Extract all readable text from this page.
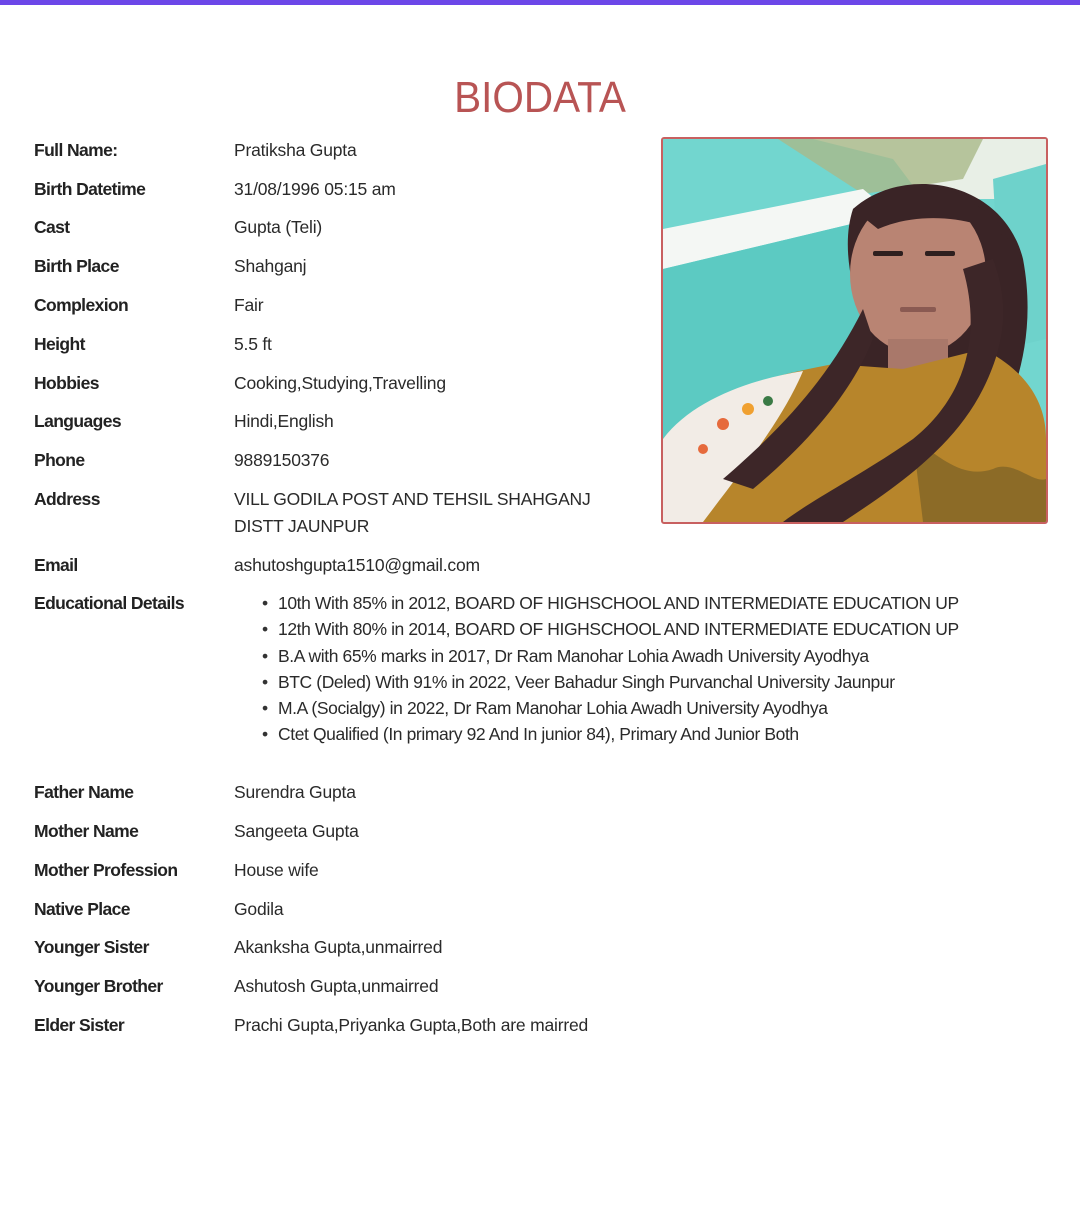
BIODATA
Full Name:	Pratiksha Gupta
Birth Datetime	31/08/1996 05:15 am
Cast	Gupta (Teli)
Birth Place	Shahganj
Complexion	Fair
Height	5.5 ft
Hobbies	Cooking,Studying,Travelling
Languages	Hindi,English
Phone	9889150376
Address	VILL GODILA POST AND TEHSIL SHAHGANJ DISTT JAUNPUR
Email	ashutoshgupta1510@gmail.com
Educational Details	• 10th With 85% in 2012, BOARD OF HIGHSCHOOL AND INTERMEDIATE EDUCATION UP
• 12th With 80% in 2014, BOARD OF HIGHSCHOOL AND INTERMEDIATE EDUCATION UP
• B.A with 65% marks in 2017, Dr Ram Manohar Lohia Awadh University Ayodhya
• BTC (Deled) With 91% in 2022, Veer Bahadur Singh Purvanchal University Jaunpur
• M.A (Socialgy) in 2022, Dr Ram Manohar Lohia Awadh University Ayodhya
• Ctet Qualified (In primary 92 And In junior 84), Primary And Junior Both
Father Name	Surendra Gupta
Mother Name	Sangeeta Gupta
Mother Profession	House wife
Native Place	Godila
Younger Sister	Akanksha Gupta,unmairred
Younger Brother	Ashutosh Gupta,unmairred
Elder Sister	Prachi Gupta,Priyanka Gupta,Both are mairred
